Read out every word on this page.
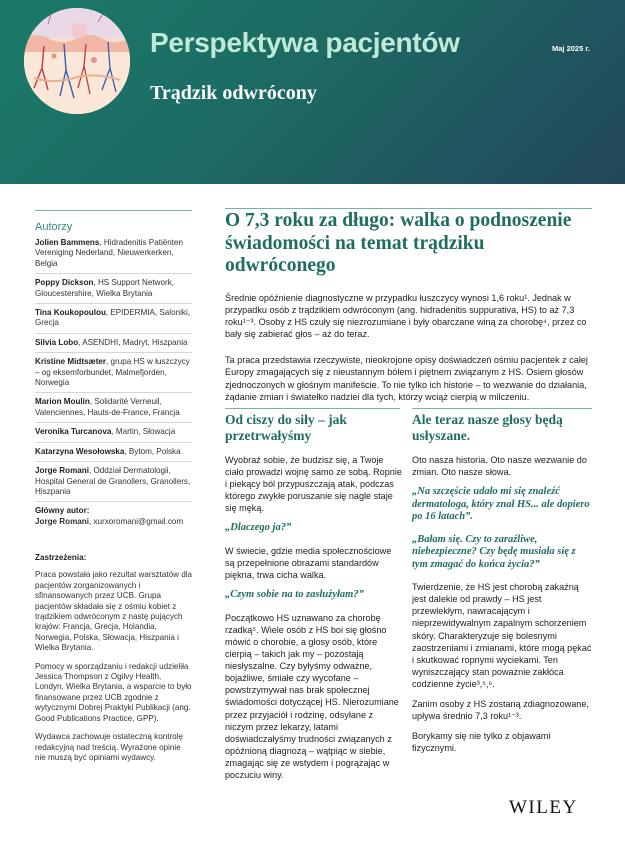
Perspektywa pacjentów
Trądzik odwrócony
Maj 2025 r.
Autorzy
Jolien Bammens, Hidradenitis Patiënten Vereniging Nederland, Nieuwerkerken, Belgia
Poppy Dickson, HS Support Network, Gloucestershire, Wielka Brytania
Tina Koukopoulou, EPIDERMIA, Saloniki, Grecja
Silvia Lobo, ASENDHI, Madryt, Hiszpania
Kristine Midtsæter, grupa HS w łuszczycy – og eksemforbundet, Malmefjorden, Norwegia
Marion Moulin, Solidarité Verneuil, Valenciennes, Hauts-de-France, Francja
Veronika Turcanova, Martin, Słowacja
Katarzyna Wesołowska, Bytom, Polska
Jorge Romani, Oddział Dermatologii, Hospital General de Granollers, Granollers, Hiszpania
Główny autor:
Jorge Romani, xurxoromani@gmail.com
Zastrzeżenia:

Praca powstała jako rezultat warsztatów dla pacjentów zorganizowanych i sfinansowanych przez UCB. Grupa pacjentów składała się z ośmiu kobiet z trądzikiem odwróconym z nastę pujących krajów: Francja, Grecja, Holandia, Norwegia, Polska, Słowacja, Hiszpania i Wielka Brytania.

Pomocy w sporządzaniu i redakcji udzieliła Jessica Thompson z Ogilvy Health, Londyn, Wielka Brytania, a wsparcie to było finansowane przez UCB zgodnie z wytycznymi Dobrej Praktyki Publikacji (ang. Good Publications Practice, GPP).

Wydawca zachowuje ostateczną kontrolę redakcyjną nad treścią. Wyrażone opinie nie muszą być opiniami wydawcy.

O 7,3 roku za długo: walka o podnoszenie świadomości na temat trądziku odwróconego

Średnie opóźnienie diagnostyczne w przypadku łuszczycy wynosi 1,6 roku¹. Jednak w przypadku osób z trądzikiem odwróconym (ang. hidradenitis suppurativa, HS) to aż 7,3 roku¹⁻³. Osoby z HS czuły się niezrozumiane i były obarczane winą za chorobę⁴, przez co bały się zabierać głos – aż do teraz.

Ta praca przedstawia rzeczywiste, nieokrojone opisy doświadczeń ośmiu pacjentek z całej Europy zmagających się z nieustannym bólem i piętnem związanym z HS. Osiem głosów zjednoczonych w głośnym manifeście. To nie tylko ich historie – to wezwanie do działania, żądanie zmian i światełko nadziei dla tych, którzy wciąż cierpią w milczeniu.

Od ciszy do siły – jak przetrwałyśmy

Wyobraź sobie, że budzisz się, a Twoje ciało prowadzi wojnę samo ze sobą. Ropnie i piekący ból przypuszczają atak, podczas którego zwykłe poruszanie się nagle staje się męką.

„Dlaczego ja?”

W świecie, gdzie media społecznościowe są przepełnione obrazami standardów piękna, trwa cicha walka.

„Czym sobie na to zasłużyłam?”

Początkowo HS uznawano za chorobę rzadką⁵. Wiele osób z HS boi się głośno mówić o chorobie, a głosy osób, które cierpią – takich jak my – pozostają niesłyszalne. Czy byłyśmy odważne, bojaźliwe, śmiałe czy wycofane – powstrzymywał nas brak społecznej świadomości dotyczącej HS. Nierozumiane przez przyjaciół i rodzinę, odsyłane z niczym przez lekarzy, latami doświadczałyśmy trudności związanych z opóźnioną diagnozą – wątpiąc w siebie, zmagając się ze wstydem i pogrążając w poczuciu winy.

Ale teraz nasze głosy będą usłyszane.

Oto nasza historia. Oto nasze wezwanie do zmian. Oto nasze słowa.

„Na szczęście udało mi się znaleźć dermatologa, który znał HS... ale dopiero po 16 latach”.
„Bałam się. Czy to zaraźliwe, niebezpieczne? Czy będę musiała się z tym zmagać do końca życia?”

Twierdzenie, że HS jest chorobą zakaźną jest dalekie od prawdy – HS jest przewlekłym, nawracającym i nieprzewidywalnym zapalnym schorzeniem skóry. Charakteryzuje się bolesnymi zaostrzeniami i zmianami, które mogą pękać i skutkować ropnymi wyciekami. Ten wyniszczający stan poważnie zakłóca codzienne życie³,⁵,⁶.

Zanim osoby z HS zostaną zdiagnozowane, upływa średnio 7,3 roku¹⁻³.

Borykamy się nie tylko z objawami fizycznymi.

WILEY
